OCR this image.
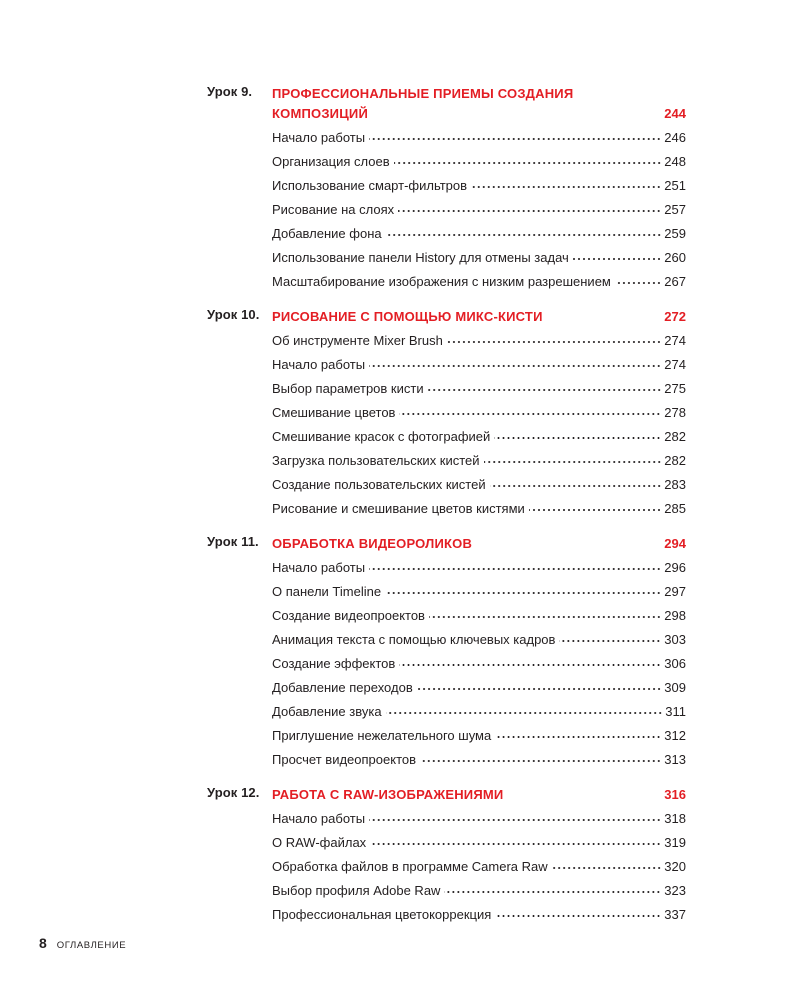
Урок 9. ПРОФЕССИОНАЛЬНЫЕ ПРИЕМЫ СОЗДАНИЯ КОМПОЗИЦИЙ	244
Начало работы	246
Организация слоев	248
Использование смарт-фильтров	251
Рисование на слоях	257
Добавление фона	259
Использование панели History для отмены задач	260
Масштабирование изображения с низким разрешением	267
Урок 10. РИСОВАНИЕ С ПОМОЩЬЮ МИКС-КИСТИ	272
Об инструменте Mixer Brush	274
Начало работы	274
Выбор параметров кисти	275
Смешивание цветов	278
Смешивание красок с фотографией	282
Загрузка пользовательских кистей	282
Создание пользовательских кистей	283
Рисование и смешивание цветов кистями	285
Урок 11. ОБРАБОТКА ВИДЕОРОЛИКОВ	294
Начало работы	296
О панели Timeline	297
Создание видеопроектов	298
Анимация текста с помощью ключевых кадров	303
Создание эффектов	306
Добавление переходов	309
Добавление звука	311
Приглушение нежелательного шума	312
Просчет видеопроектов	313
Урок 12. РАБОТА С RAW-ИЗОБРАЖЕНИЯМИ	316
Начало работы	318
О RAW-файлах	319
Обработка файлов в программе Camera Raw	320
Выбор профиля Adobe Raw	323
Профессиональная цветокоррекция	337
8 ОГЛАВЛЕНИЕ
